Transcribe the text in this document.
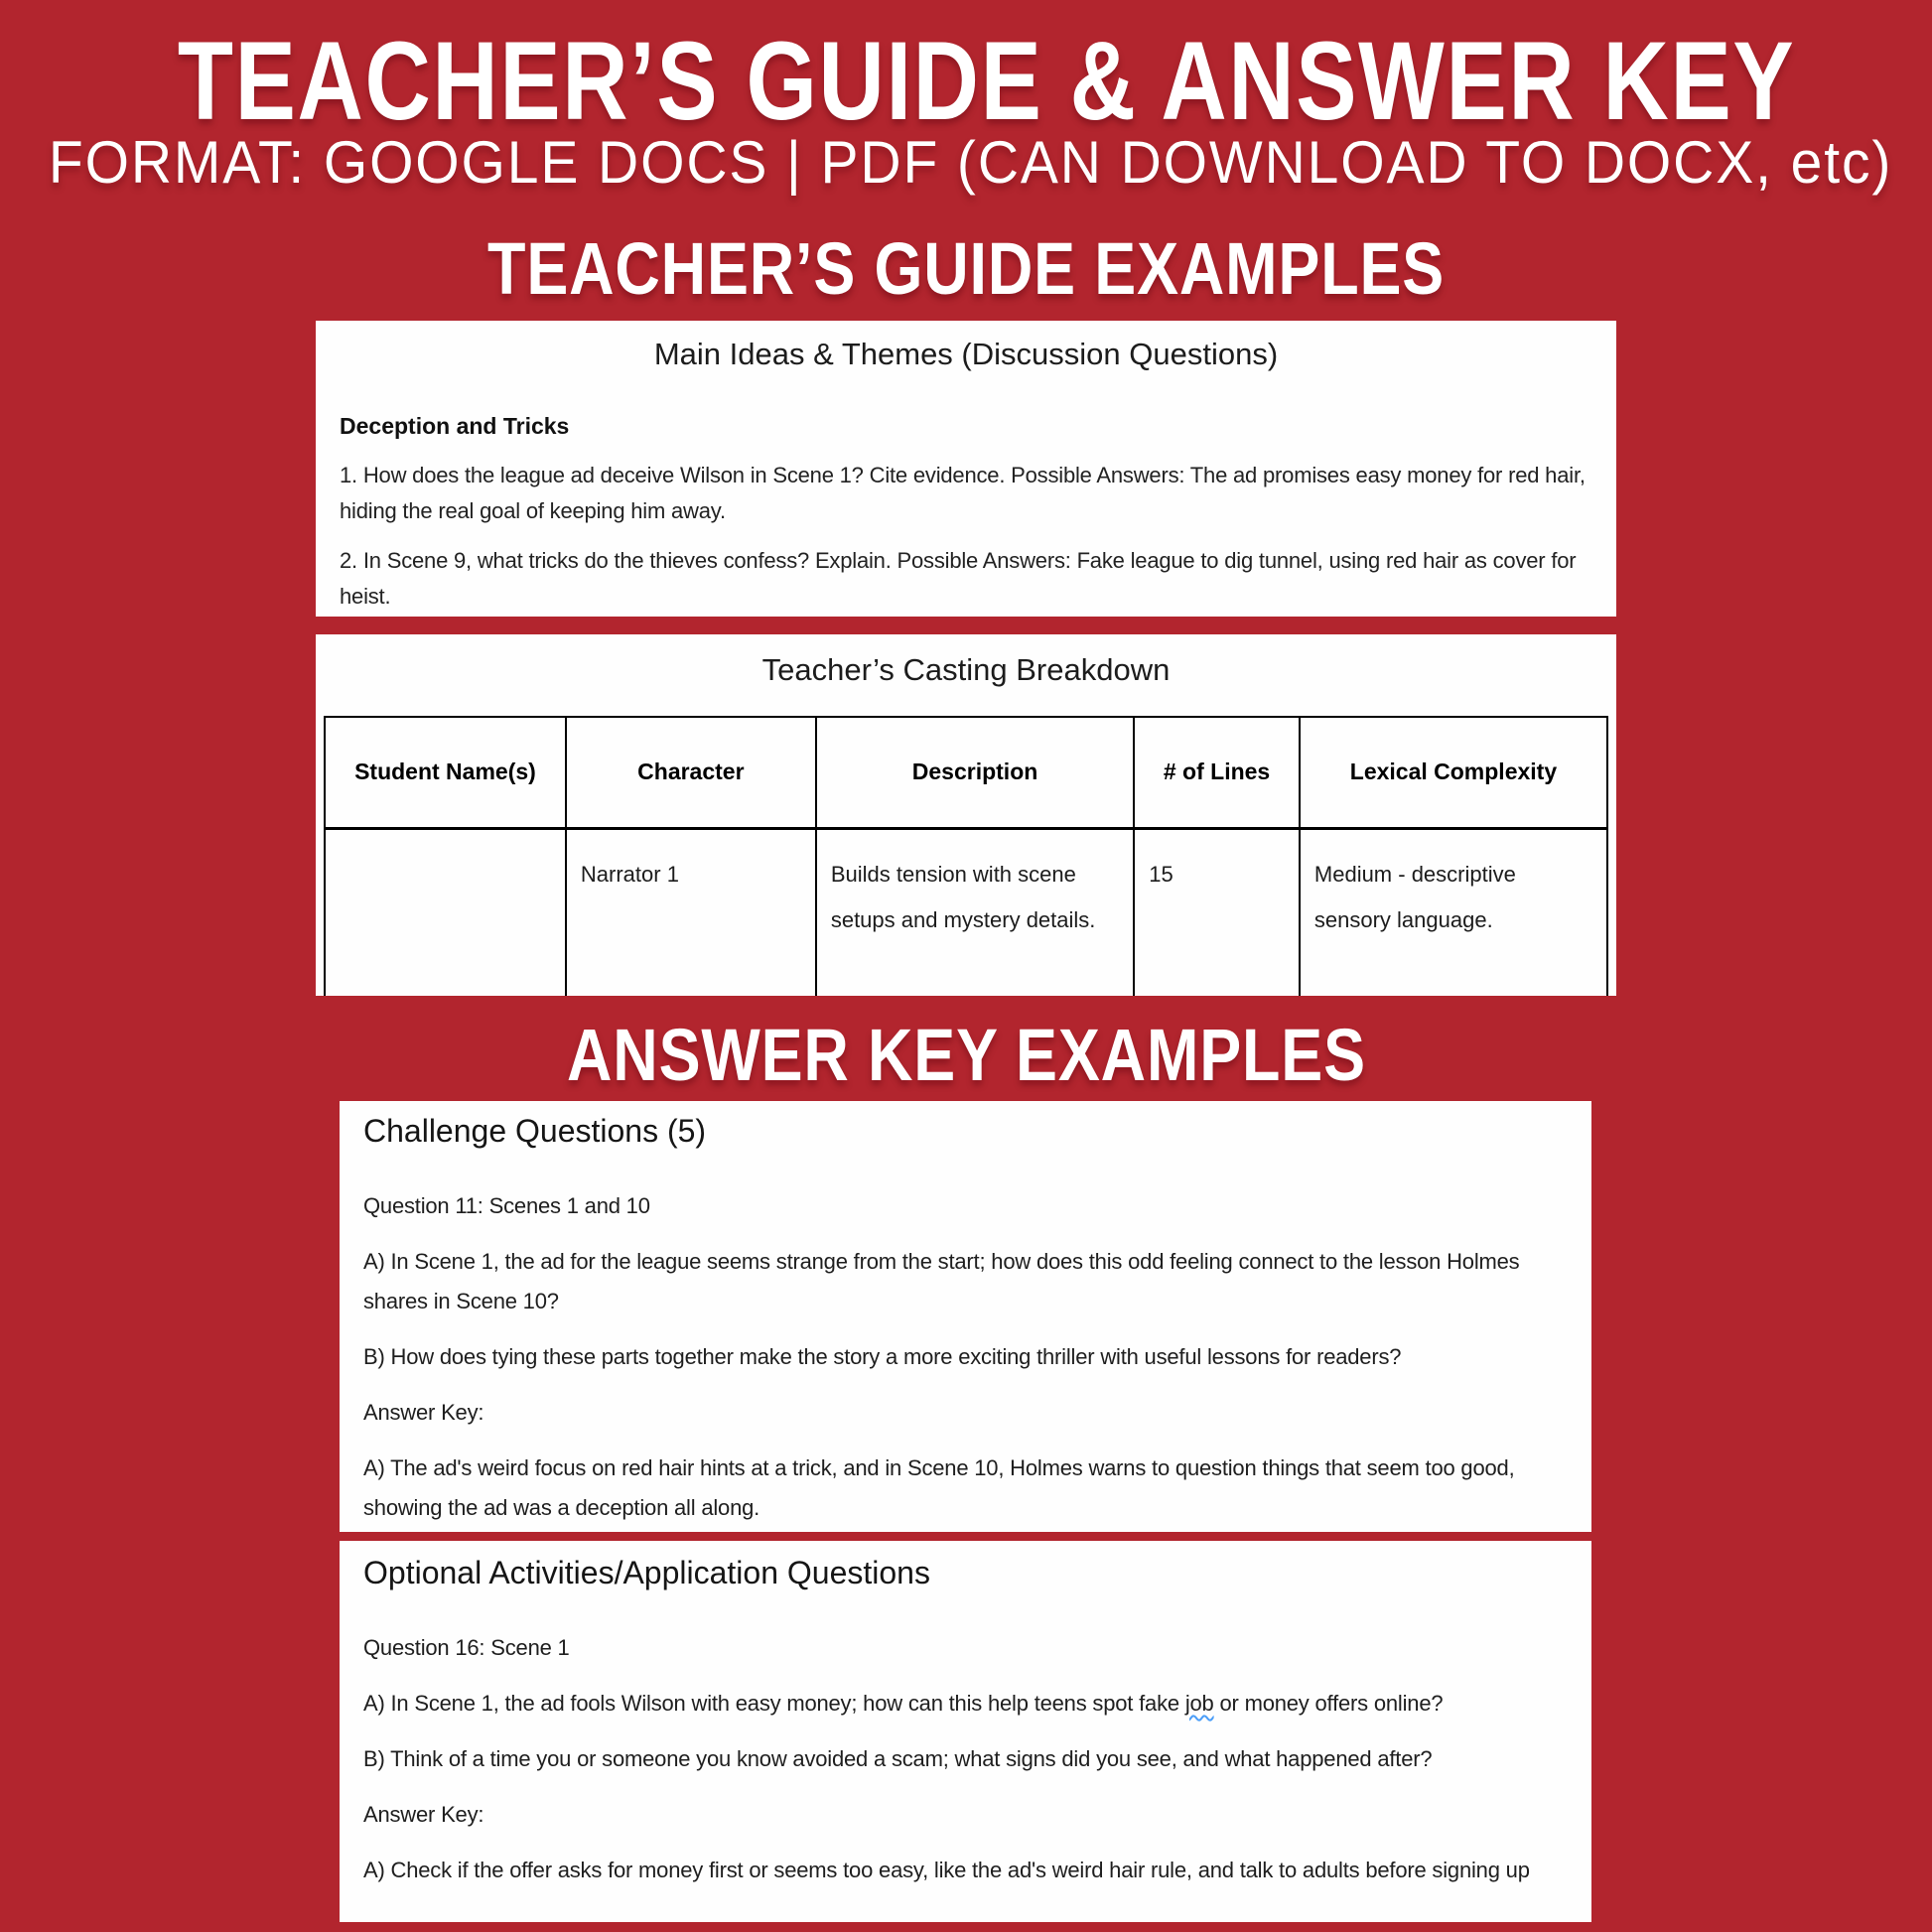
TEACHER’S GUIDE & ANSWER KEY
FORMAT: GOOGLE DOCS | PDF (CAN DOWNLOAD TO DOCX, etc)
TEACHER’S GUIDE EXAMPLES
ANSWER KEY EXAMPLES
Main Ideas & Themes (Discussion Questions)
Deception and Tricks

1. How does the league ad deceive Wilson in Scene 1? Cite evidence. Possible Answers: The ad promises easy money for red hair, hiding the real goal of keeping him away.

2. In Scene 9, what tricks do the thieves confess? Explain. Possible Answers: Fake league to dig tunnel, using red hair as cover for heist.

Teacher’s Casting Breakdown
Student Name(s)	Character	Description	# of Lines	Lexical Complexity
	Narrator 1	Builds tension with scene setups and mystery details.	15	Medium - descriptive sensory language.
Challenge Questions (5)

Question 11: Scenes 1 and 10

A) In Scene 1, the ad for the league seems strange from the start; how does this odd feeling connect to the lesson Holmes shares in Scene 10?

B) How does tying these parts together make the story a more exciting thriller with useful lessons for readers?

Answer Key:

A) The ad's weird focus on red hair hints at a trick, and in Scene 10, Holmes warns to question things that seem too good, showing the ad was a deception all along.

Optional Activities/Application Questions

Question 16: Scene 1

A) In Scene 1, the ad fools Wilson with easy money; how can this help teens spot fake job or money offers online?

B) Think of a time you or someone you know avoided a scam; what signs did you see, and what happened after?

Answer Key:

A) Check if the offer asks for money first or seems too easy, like the ad's weird hair rule, and talk to adults before signing up
